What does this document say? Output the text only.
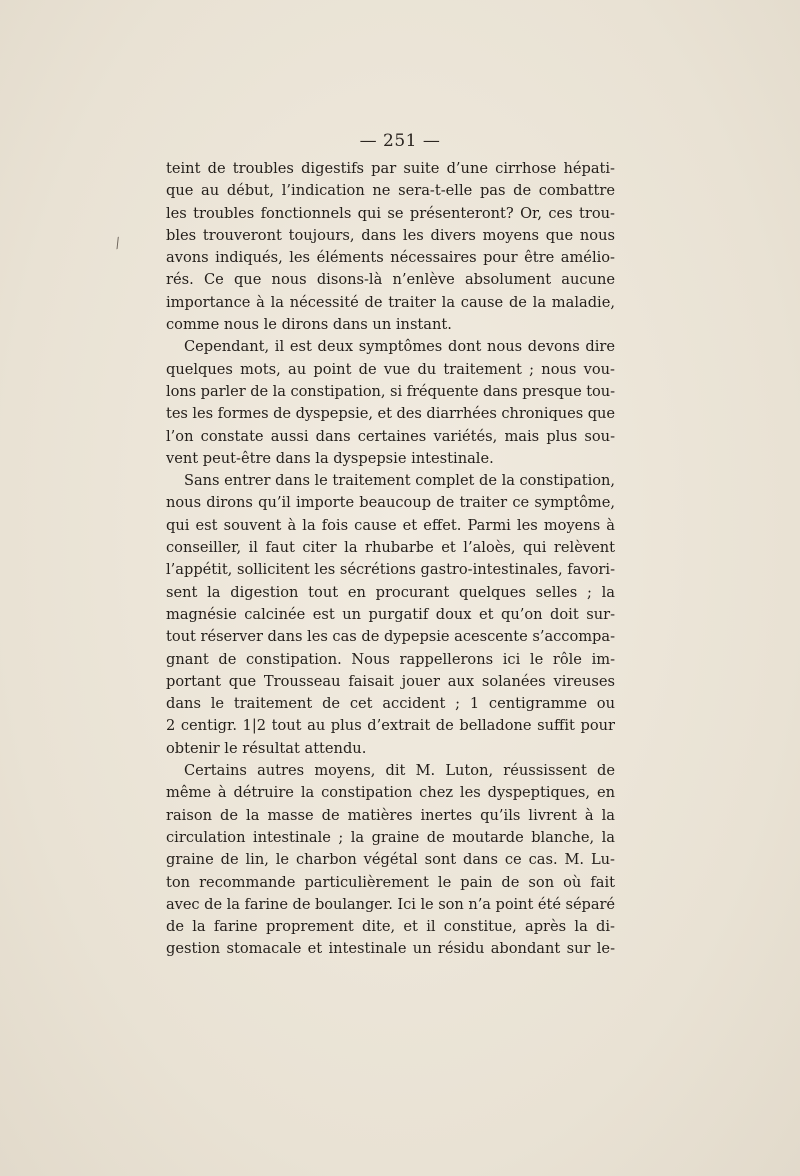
⁄
— 251 —
teint de troubles digestifs par suite d’une cirrhose hépati-
que au début, l’indication ne sera-t-elle pas de combattre
les troubles fonctionnels qui se présenteront? Or, ces trou-
bles trouveront toujours, dans les divers moyens que nous
avons indiqués, les éléments nécessaires pour être amélio-
rés. Ce que nous disons-là n’enlève absolument aucune
importance à la nécessité de traiter la cause de la maladie,
comme nous le dirons dans un instant.
Cependant, il est deux symptômes dont nous devons dire
quelques mots, au point de vue du traitement ; nous vou-
lons parler de la constipation, si fréquente dans presque tou-
tes les formes de dyspepsie, et des diarrhées chroniques que
l’on constate aussi dans certaines variétés, mais plus sou-
vent peut-être dans la dyspepsie intestinale.
Sans entrer dans le traitement complet de la constipation,
nous dirons qu’il importe beaucoup de traiter ce symptôme,
qui est souvent à la fois cause et effet. Parmi les moyens à
conseiller, il faut citer la rhubarbe et l’aloès, qui relèvent
l’appétit, sollicitent les sécrétions gastro-intestinales, favori-
sent la digestion tout en procurant quelques selles ; la
magnésie calcinée est un purgatif doux et qu’on doit sur-
tout réserver dans les cas de dypepsie acescente s’accompa-
gnant de constipation. Nous rappellerons ici le rôle im-
portant que Trousseau faisait jouer aux solanées vireuses
dans le traitement de cet accident ; 1 centigramme ou
2 centigr. 1|2 tout au plus d’extrait de belladone suffit pour
obtenir le résultat attendu.
Certains autres moyens, dit M. Luton, réussissent de
même à détruire la constipation chez les dyspeptiques, en
raison de la masse de matières inertes qu’ils livrent à la
circulation intestinale ; la graine de moutarde blanche, la
graine de lin, le charbon végétal sont dans ce cas. M. Lu-
ton recommande particulièrement le pain de son où fait
avec de la farine de boulanger. Ici le son n’a point été séparé
de la farine proprement dite, et il constitue, après la di-
gestion stomacale et intestinale un résidu abondant sur le-
